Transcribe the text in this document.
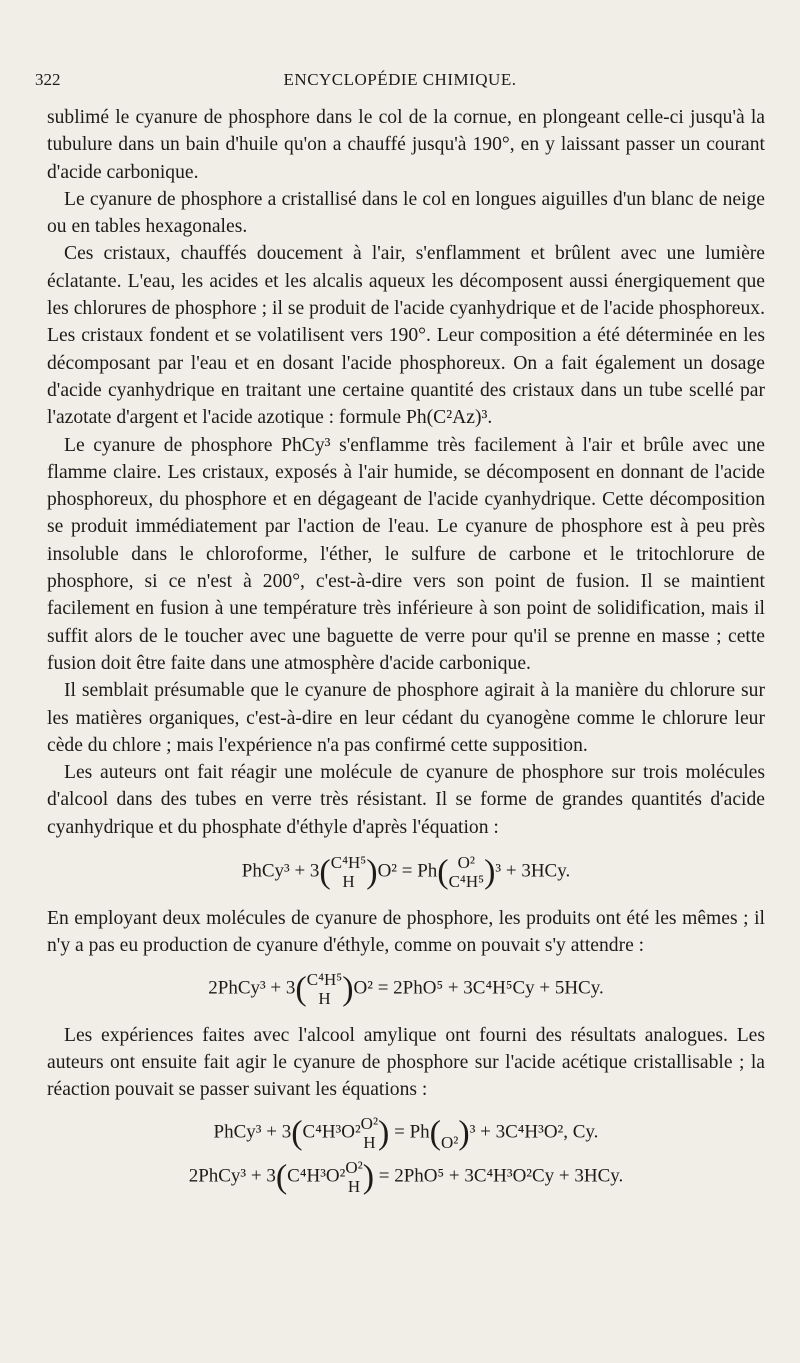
322	ENCYCLOPÉDIE CHIMIQUE.

sublimé le cyanure de phosphore dans le col de la cornue, en plongeant celle-ci jusqu'à la tubulure dans un bain d'huile qu'on a chauffé jusqu'à 190°, en y laissant passer un courant d'acide carbonique.

Le cyanure de phosphore a cristallisé dans le col en longues aiguilles d'un blanc de neige ou en tables hexagonales.

Ces cristaux, chauffés doucement à l'air, s'enflamment et brûlent avec une lumière éclatante. L'eau, les acides et les alcalis aqueux les décomposent aussi énergiquement que les chlorures de phosphore ; il se produit de l'acide cyanhydrique et de l'acide phosphoreux. Les cristaux fondent et se volatilisent vers 190°. Leur composition a été déterminée en les décomposant par l'eau et en dosant l'acide phosphoreux. On a fait également un dosage d'acide cyanhydrique en traitant une certaine quantité des cristaux dans un tube scellé par l'azotate d'argent et l'acide azotique : formule Ph(C²Az)³.

Le cyanure de phosphore PhCy³ s'enflamme très facilement à l'air et brûle avec une flamme claire. Les cristaux, exposés à l'air humide, se décomposent en donnant de l'acide phosphoreux, du phosphore et en dégageant de l'acide cyanhydrique. Cette décomposition se produit immédiatement par l'action de l'eau. Le cyanure de phosphore est à peu près insoluble dans le chloroforme, l'éther, le sulfure de carbone et le tritochlorure de phosphore, si ce n'est à 200°, c'est-à-dire vers son point de fusion. Il se maintient facilement en fusion à une température très inférieure à son point de solidification, mais il suffit alors de le toucher avec une baguette de verre pour qu'il se prenne en masse ; cette fusion doit être faite dans une atmosphère d'acide carbonique.

Il semblait présumable que le cyanure de phosphore agirait à la manière du chlorure sur les matières organiques, c'est-à-dire en leur cédant du cyanogène comme le chlorure leur cède du chlore ; mais l'expérience n'a pas confirmé cette supposition.

Les auteurs ont fait réagir une molécule de cyanure de phosphore sur trois molécules d'alcool dans des tubes en verre très résistant. Il se forme de grandes quantités d'acide cyanhydrique et du phosphate d'éthyle d'après l'équation :

PhCy³ + 3( C⁴H⁵
H )O² = Ph( O²
C⁴H⁵ )³ + 3HCy.

En employant deux molécules de cyanure de phosphore, les produits ont été les mêmes ; il n'y a pas eu production de cyanure d'éthyle, comme on pouvait s'y attendre :

2PhCy³ + 3( C⁴H⁵
H )O² = 2PhO⁵ + 3C⁴H⁵Cy + 5HCy.

Les expériences faites avec l'alcool amylique ont fourni des résultats analogues. Les auteurs ont ensuite fait agir le cyanure de phosphore sur l'acide acétique cristallisable ; la réaction pouvait se passer suivant les équations :

PhCy³ + 3(C⁴H³O² O²
H ) = Ph(
O² )³ + 3C⁴H³O², Cy.
2PhCy³ + 3(C⁴H³O² O²
H ) = 2PhO⁵ + 3C⁴H³O²Cy + 3HCy.
